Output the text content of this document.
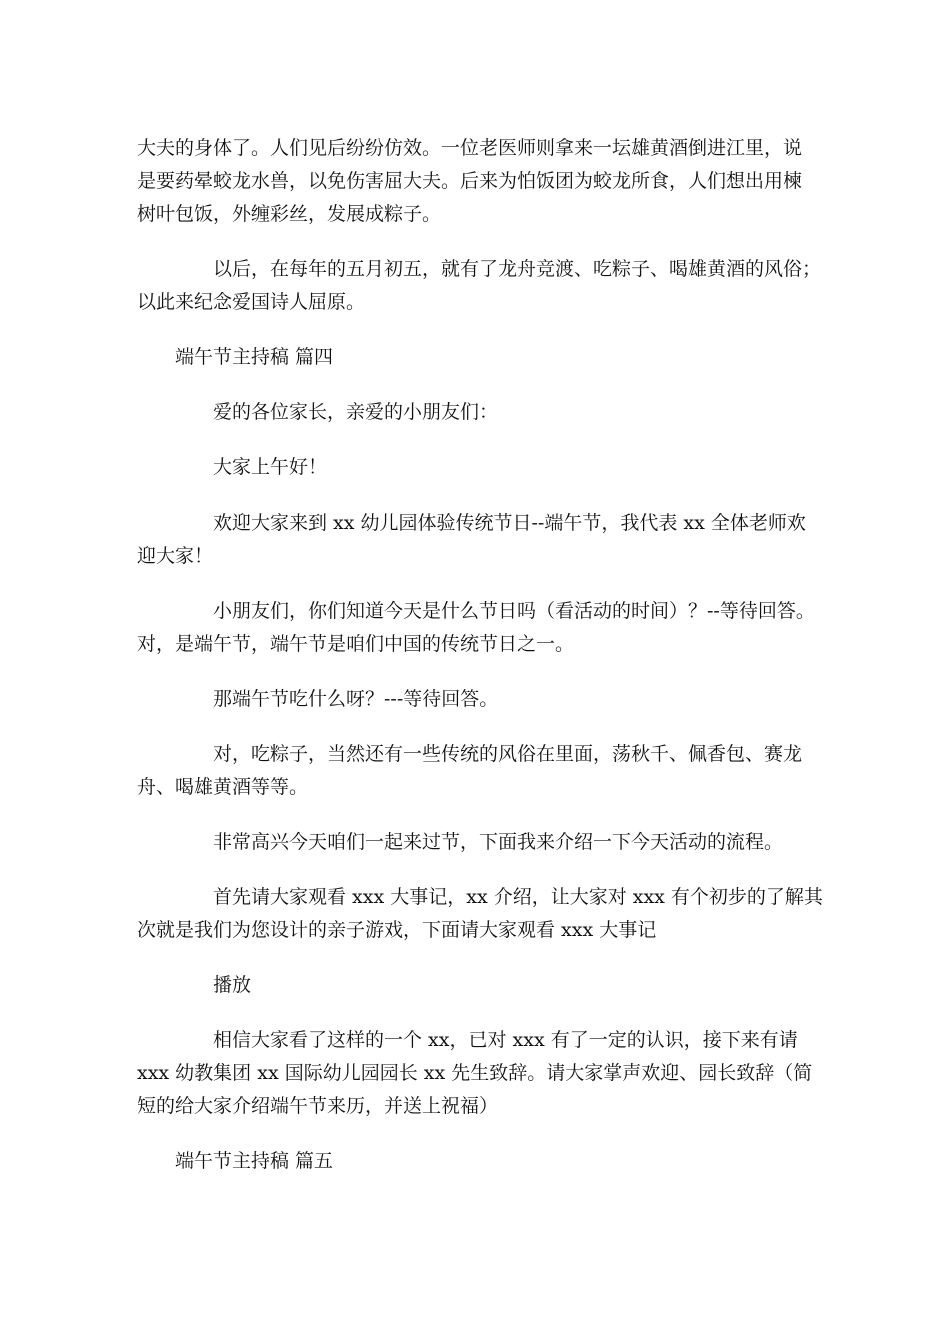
大夫的身体了。人们见后纷纷仿效。一位老医师则拿来一坛雄黄酒倒进江里，说
是要药晕蛟龙水兽，以免伤害屈大夫。后来为怕饭团为蛟龙所食，人们想出用楝
树叶包饭，外缠彩丝，发展成粽子。
以后，在每年的五月初五，就有了龙舟竞渡、吃粽子、喝雄黄酒的风俗；
以此来纪念爱国诗人屈原。
端午节主持稿 篇四
爱的各位家长，亲爱的小朋友们：
大家上午好！
欢迎大家来到 xx 幼儿园体验传统节日--端午节，我代表 xx 全体老师欢
迎大家！
小朋友们，你们知道今天是什么节日吗（看活动的时间）？--等待回答。
对，是端午节，端午节是咱们中国的传统节日之一。
那端午节吃什么呀？---等待回答。
对，吃粽子，当然还有一些传统的风俗在里面，荡秋千、佩香包、赛龙
舟、喝雄黄酒等等。
非常高兴今天咱们一起来过节，下面我来介绍一下今天活动的流程。
首先请大家观看 xxx 大事记，xx 介绍，让大家对 xxx 有个初步的了解其
次就是我们为您设计的亲子游戏，下面请大家观看 xxx 大事记
播放
相信大家看了这样的一个 xx，已对 xxx 有了一定的认识，接下来有请
xxx 幼教集团 xx 国际幼儿园园长 xx 先生致辞。请大家掌声欢迎、园长致辞（简
短的给大家介绍端午节来历，并送上祝福）
端午节主持稿 篇五
